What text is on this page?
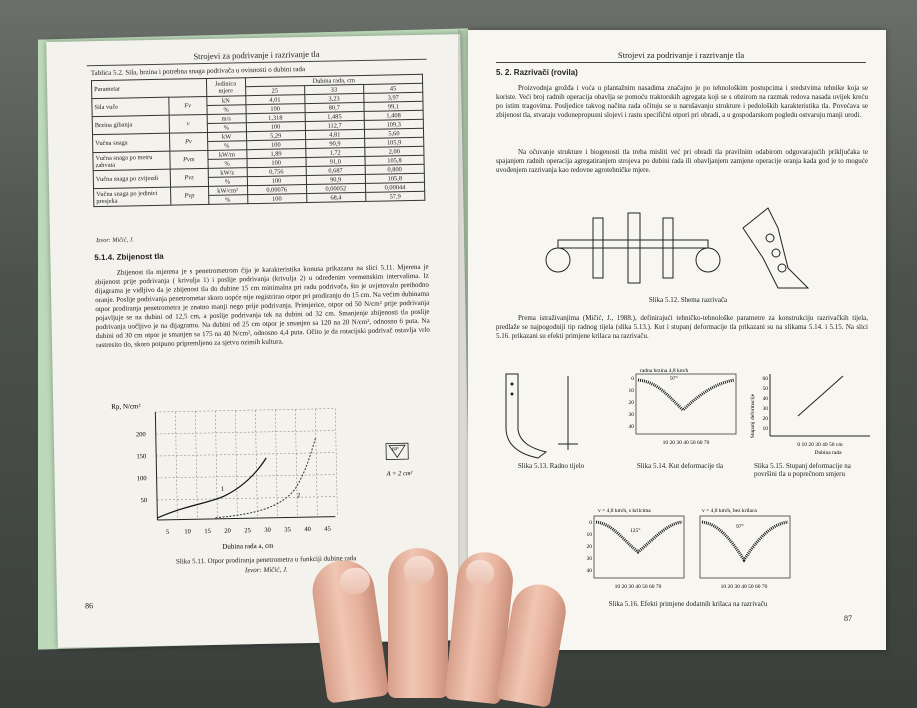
Strojevi za podrivanje i razrivanje tla
Tablica 5.2. Sila, brzina i potrebna snaga podrivača u ovisnosti o dubini rada
Parametar		Jedinica mjere	Dubina rada, cm		
			25	33	45
Sila vuče	Fv	kN	4,01	3,23	3,97
		%	100	80,7	99,1
Brzina gibanja	v	m/s	1,318	1,485	1,408
		%	100	112,7	109,3
Vučna snaga	Pv	kW	5,29	4,81	5,60
		%	100	90,9	105,9
Vučna snaga po metru zahvata	Pvm	kW/m	1,89	1,72	2,00
		%	100	91,0	105,8
Vučna snaga po zvijezdi	Pvz	kW/z	0,756	0,687	0,800
		%	100	90,9	105,8
Vučna snaga po jedinici presjeka	Pvp	kW/cm²	0,00076	0,00052	0,00044
		%	100	68,4	57,9
Izvor: Mičić, J.
5.1.4. Zbijenost tla
Zbijenost tla mjerena je s penetrometrom čija je karakteristika konusa prikazana na slici 5.11. Mjerena je zbijenost prije podrivanja ( krivulja 1) i poslije podrivanja (krivulja 2) u određenim vremenskim intervalima. Iz dijagrama je vidljivo da je zbijenost tla do dubine 15 cm minimalna pri radu podrivača, što je uvjetovalo prethodno oranje. Poslije podrivanja penetrometar skoro uopće nije registrirao otpor pri prodiranju do 15 cm. Na većim dubinama otpor prodiranja penetrometra je znatno manji nego prije podrivanja. Primjerice, otpor od 50 N/cm² prije podrivanja pojavljuje se na dubini od 12,5 cm, a poslije podrivanja tek na dubini od 32 cm. Smanjenje zbijenosti tla poslije podrivanja uočljivo je na dijagramu. Na dubini od 25 cm otpor je smanjen sa 120 na 20 N/cm², odnosno 6 puta. Na dubini od 30 cm otpor je smanjen sa 175 na 40 N/cm², odnosno 4,4 puta. Očito je da rotacijski podrivač ostavlja vrlo rastresito tlo, skoro potpuno pripremljeno za sjetvu ozimih kultura.
Rp, N/cm²
200
150
100
50
1
2
5 10 15 20 25 30 35 40 45
Dubina rada a, cm
60°
A = 2 cm²
Slika 5.11. Otpor prodiranja penetrometra u funkciji dubine rada
Izvor: Mičić, J.
86
Strojevi za podrivanje i razrivanje tla
5. 2. Razrivači (rovila)
Proizvodnja grožđa i voća u plantažnim nasadima značajno je po tehnološkim postupcima i sredstvima tehnike koja se koriste. Veći broj radnih operacija obavlja se pomoću traktorskih agregata koji se s obzirom na razmak redova nasada uvijek kreću po istim tragovima. Posljedice takvog načina rada očituju se u narušavanju strukture i pedoloških karakteristika tla. Povećava se zbijenost tla, stvaraju vodonepropusni slojevi i rastu specifični otpori pri obradi, a u gospodarskom pogledu ostvaruju manji urodi.
Na očuvanje strukture i biogenosti tla treba misliti već pri obradi tla pravilnim odabirom odgovarajućih priključaka te spajanjem radnih operacija agregatiranjem strojeva po dubini rada ili obavljanjem zamjene operacije oranja kada god je to moguće uvođenjem razrivanja kao redovne agrotehničke mjere.
Slika 5.12. Shema razrivača
Prema istraživanjima (Mičić, J., 1988.), definirajući tehničko-tehnološke parametre za konstrukciju razrivačkih tijela, predlaže se najpogodniji tip radnog tijela (slika 5.13.). Kut i stupanj deformacije tla prikazani su na slikama 5.14. i 5.15. Na slici 5.16. prikazani su efekti primjene krilaca na razrivaču.
radna brzina 4,8 km/h
97°
0
10
20
30
40
10 20 30 40 50 60 70
Stupanj deformacije
60
50
40
30
20
10
0 10 20 30 40 50 cm
Dubina rada
Slika 5.13. Radno tijelo	Slika 5.14. Kut deformacije tla	Slika 5.15. Stupanj deformacije na površini tla u poprečnom smjeru
v = 4,8 km/h, s krilcima	v = 4,8 km/h, bez krilaca
125°
97°
0
10
20
30
40
10 20 30 40 50 60 70	10 20 30 40 50 60 70
Slika 5.16. Efekti primjene dodatnih krilaca na razrivaču
87
